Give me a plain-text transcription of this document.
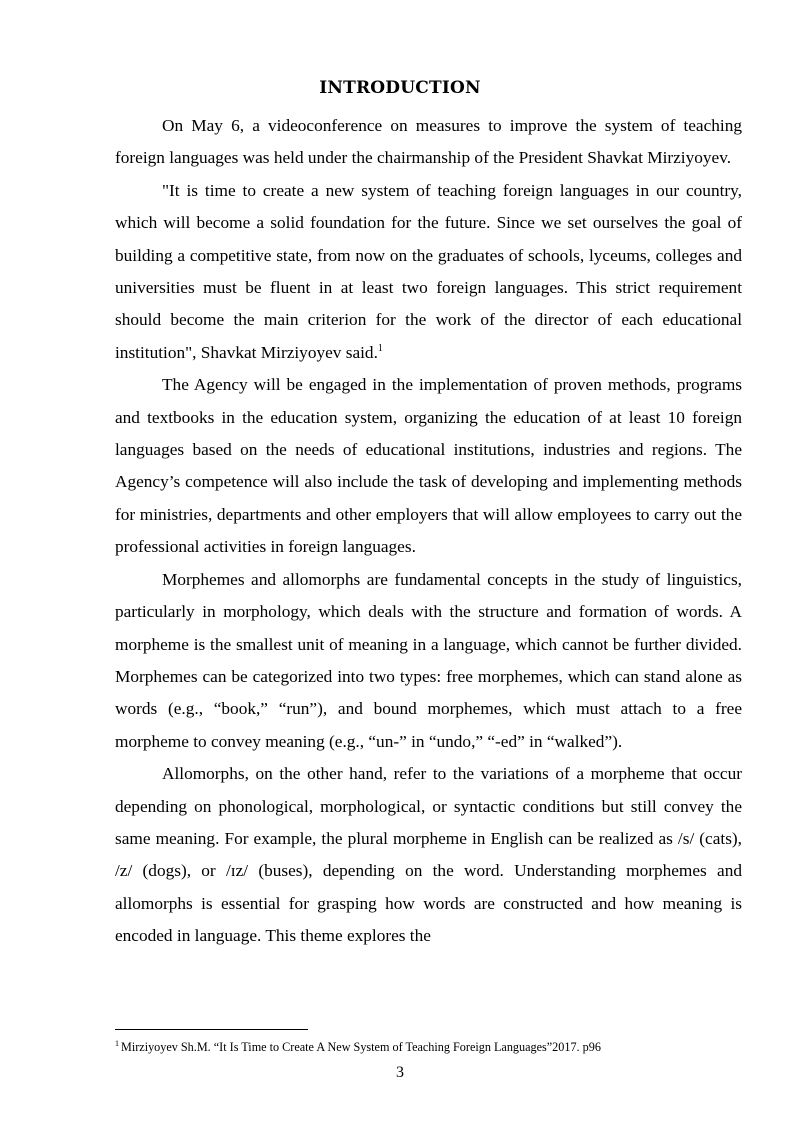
INTRODUCTION

On May 6, a videoconference on measures to improve the system of teaching foreign languages was held under the chairmanship of the President Shavkat Mirziyoyev.

"It is time to create a new system of teaching foreign languages in our country, which will become a solid foundation for the future. Since we set ourselves the goal of building a competitive state, from now on the graduates of schools, lyceums, colleges and universities must be fluent in at least two foreign languages. This strict requirement should become the main criterion for the work of the director of each educational institution", Shavkat Mirziyoyev said.$^1$

The Agency will be engaged in the implementation of proven methods, programs and textbooks in the education system, organizing the education of at least 10 foreign languages based on the needs of educational institutions, industries and regions. The Agency’s competence will also include the task of developing and implementing methods for ministries, departments and other employers that will allow employees to carry out the professional activities in foreign languages.

Morphemes and allomorphs are fundamental concepts in the study of linguistics, particularly in morphology, which deals with the structure and formation of words. A morpheme is the smallest unit of meaning in a language, which cannot be further divided. Morphemes can be categorized into two types: free morphemes, which can stand alone as words (e.g., “book,” “run”), and bound morphemes, which must attach to a free morpheme to convey meaning (e.g., “un-” in “undo,” “-ed” in “walked”).

Allomorphs, on the other hand, refer to the variations of a morpheme that occur depending on phonological, morphological, or syntactic conditions but still convey the same meaning. For example, the plural morpheme in English can be realized as /s/ (cats), /z/ (dogs), or /ɪz/ (buses), depending on the word. Understanding morphemes and allomorphs is essential for grasping how words are constructed and how meaning is encoded in language. This theme explores the

$^1$ Mirziyoyev Sh.M. “It Is Time to Create A New System of Teaching Foreign Languages”2017. p96
3
